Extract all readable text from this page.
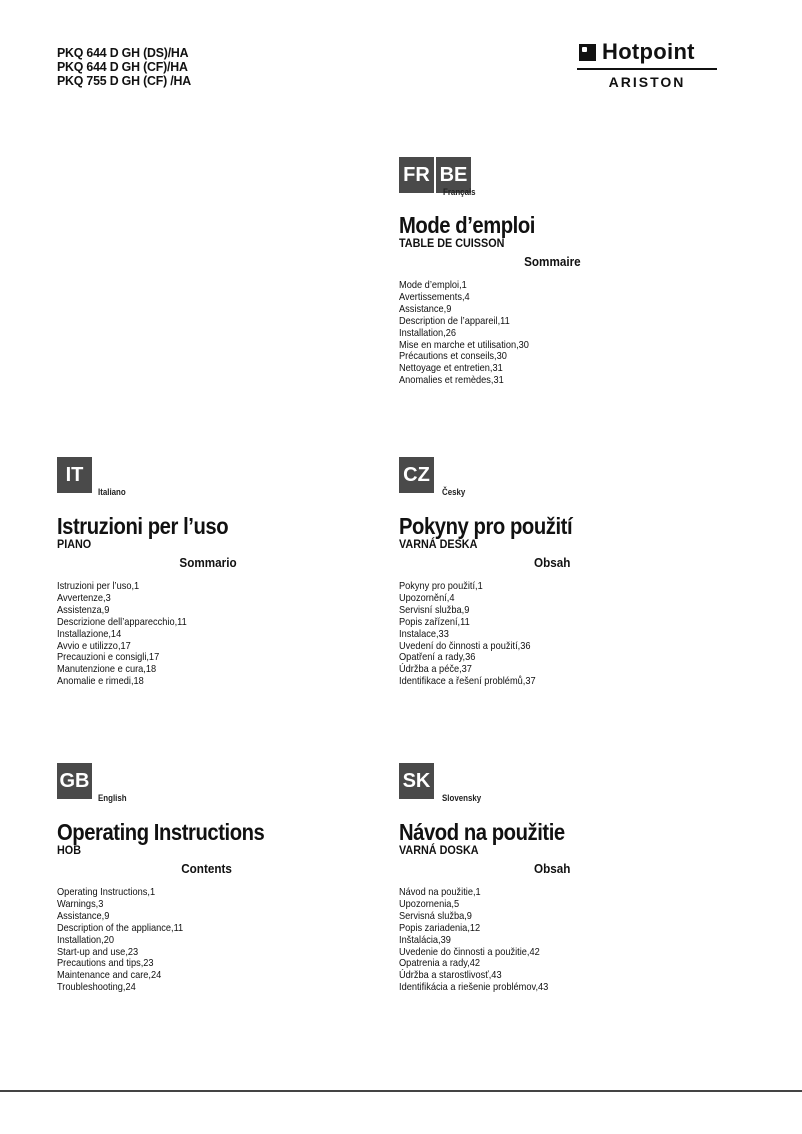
PKQ 644 D GH (DS)/HA
PKQ 644 D GH (CF)/HA
PKQ 755 D GH (CF) /HA
Hotpoint
ARISTON
FR BE
Français
Mode d’emploi
TABLE DE CUISSON
Sommaire
Mode d’emploi,1
Avertissements,4
Assistance,9
Description de l’appareil,11
Installation,26
Mise en marche et utilisation,30
Précautions et conseils,30
Nettoyage et entretien,31
Anomalies et remèdes,31
IT
Italiano
Istruzioni per l’uso
PIANO
Sommario
Istruzioni per l’uso,1
Avvertenze,3
Assistenza,9
Descrizione dell’apparecchio,11
Installazione,14
Avvio e utilizzo,17
Precauzioni e consigli,17
Manutenzione e cura,18
Anomalie e rimedi,18
CZ
Česky
Pokyny pro použití
VARNÁ DESKA
Obsah
Pokyny pro použití,1
Upozornění,4
Servisní služba,9
Popis zařízení,11
Instalace,33
Uvedení do činnosti a použití,36
Opatření a rady,36
Údržba a péče,37
Identifikace a řešení problémů,37
GB
English
Operating Instructions
HOB
Contents
Operating Instructions,1
Warnings,3
Assistance,9
Description of the appliance,11
Installation,20
Start-up and use,23
Precautions and tips,23
Maintenance and care,24
Troubleshooting,24
SK
Slovensky
Návod na použitie
VARNÁ DOSKA
Obsah
Návod na použitie,1
Upozornenia,5
Servisná služba,9
Popis zariadenia,12
Inštalácia,39
Uvedenie do činnosti a použitie,42
Opatrenia a rady,42
Údržba a starostlivosť,43
Identifikácia a riešenie problémov,43
